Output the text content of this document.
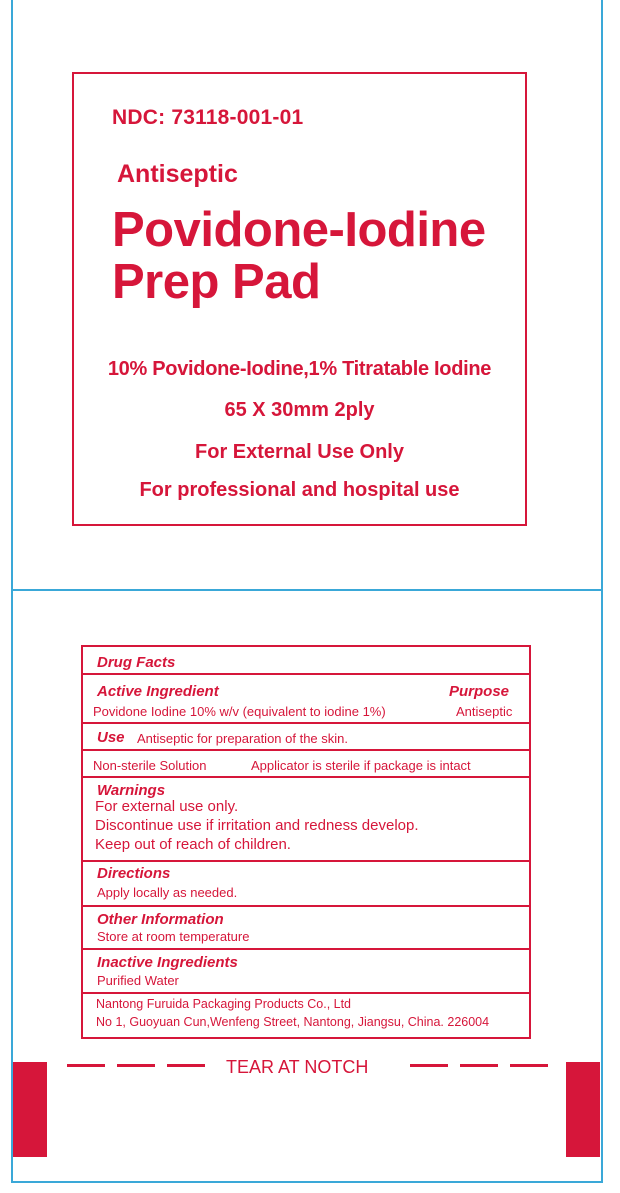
NDC: 73118-001-01
Antiseptic
Povidone-Iodine
Prep Pad
10% Povidone-Iodine,1% Titratable Iodine
65 X 30mm 2ply
For External Use Only
For professional and hospital use
Drug Facts
Active Ingredient	Purpose
Povidone Iodine 10% w/v (equivalent to iodine 1%)	Antiseptic
Use Antiseptic for preparation of the skin.
Non-sterile Solution	Applicator is sterile if package is intact
Warnings
For external use only.
Discontinue use if irritation and redness develop.
Keep out of reach of children.
Directions
Apply locally as needed.
Other Information
Store at room temperature
Inactive Ingredients
Purified Water
Nantong Furuida Packaging Products Co., Ltd
No 1, Guoyuan Cun,Wenfeng Street, Nantong, Jiangsu, China. 226004
TEAR AT NOTCH
